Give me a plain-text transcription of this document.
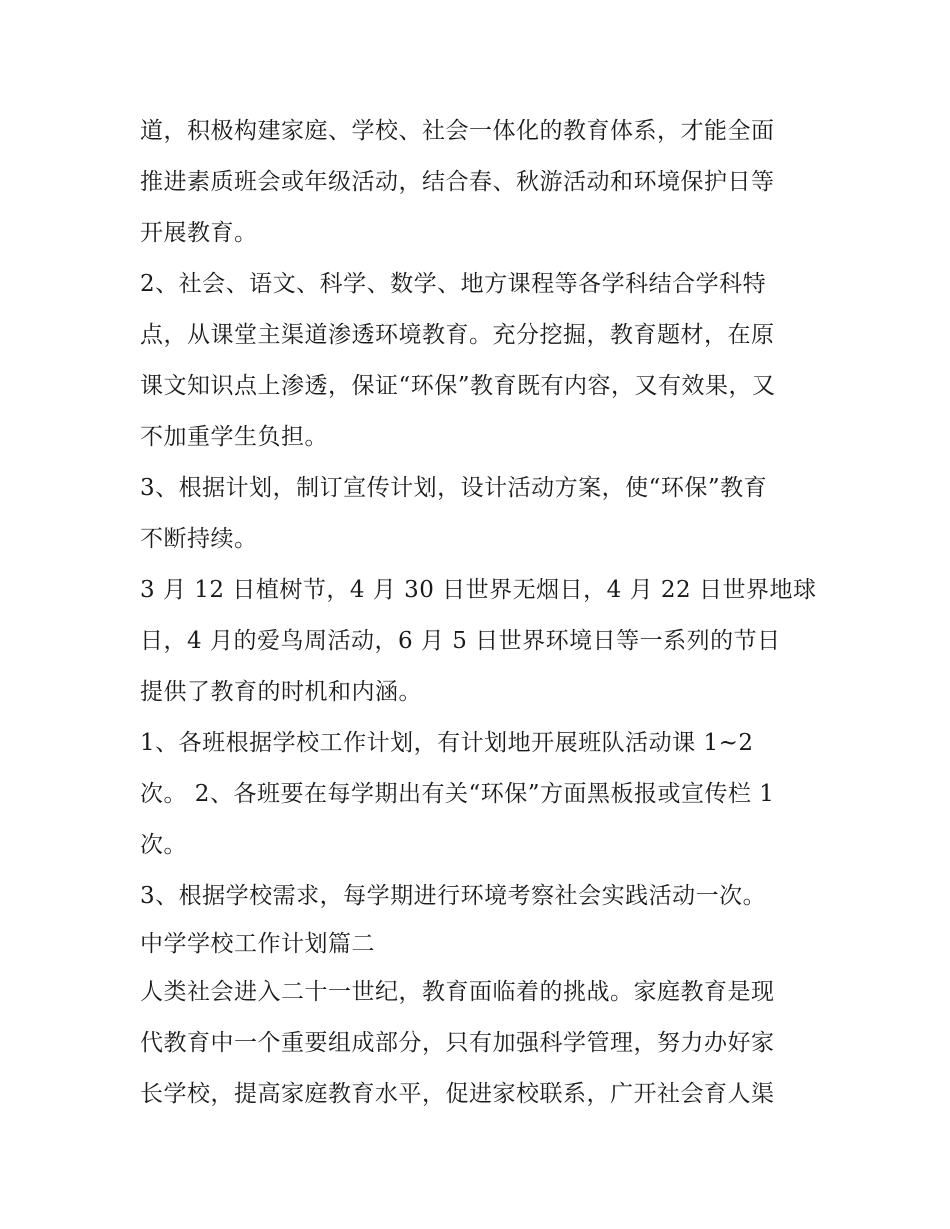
道，积极构建家庭、学校、社会一体化的教育体系，才能全面
推进素质班会或年级活动，结合春、秋游活动和环境保护日等
开展教育。
2、社会、语文、科学、数学、地方课程等各学科结合学科特
点，从课堂主渠道渗透环境教育。充分挖掘，教育题材，在原
课文知识点上渗透，保证“环保”教育既有内容，又有效果，又
不加重学生负担。
3、根据计划，制订宣传计划，设计活动方案，使“环保”教育
不断持续。
3 月 12 日植树节，4 月 30 日世界无烟日，4 月 22 日世界地球
日，4 月的爱鸟周活动，6 月 5 日世界环境日等一系列的节日
提供了教育的时机和内涵。
1、各班根据学校工作计划，有计划地开展班队活动课 1~2
次。 2、各班要在每学期出有关“环保”方面黑板报或宣传栏 1
次。
3、根据学校需求，每学期进行环境考察社会实践活动一次。
中学学校工作计划篇二
人类社会进入二十一世纪，教育面临着的挑战。家庭教育是现
代教育中一个重要组成部分，只有加强科学管理，努力办好家
长学校，提高家庭教育水平，促进家校联系，广开社会育人渠
